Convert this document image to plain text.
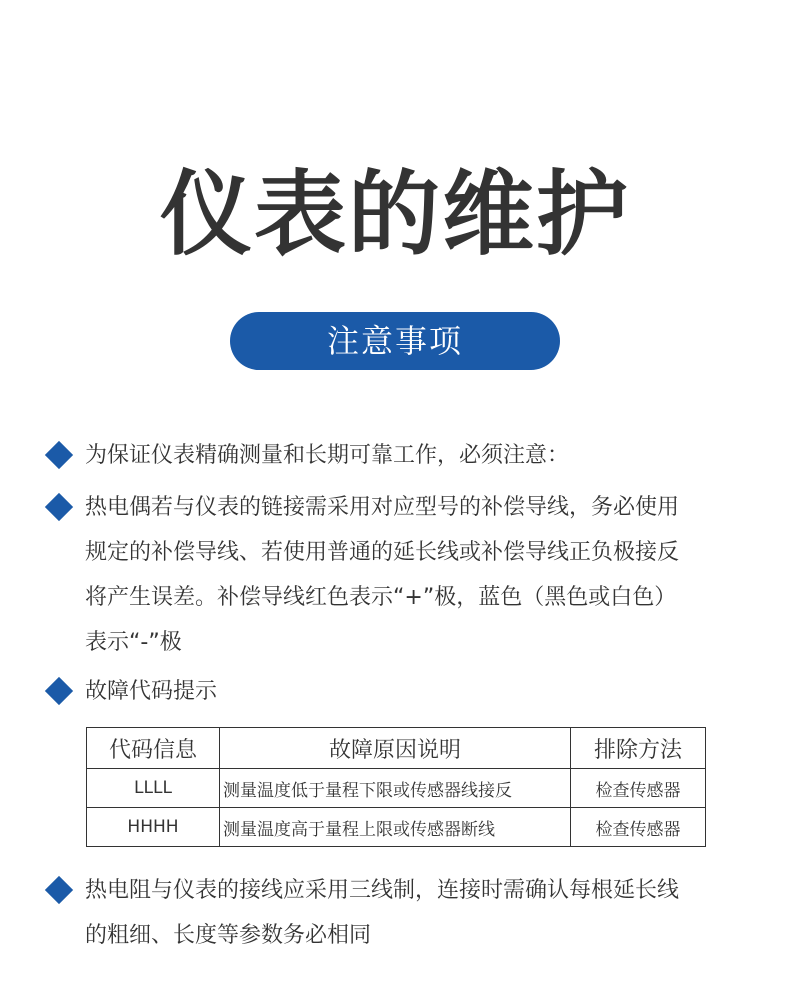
仪表的维护
注意事项
为保证仪表精确测量和长期可靠工作，必须注意：
热电偶若与仪表的链接需采用对应型号的补偿导线，务必使用
规定的补偿导线、若使用普通的延长线或补偿导线正负极接反
将产生误差。补偿导线红色表示“+”极，蓝色（黑色或白色）
表示“-”极
故障代码提示
代码信息	故障原因说明	排除方法
LLLL	测量温度低于量程下限或传感器线接反	检查传感器
HHHH	测量温度高于量程上限或传感器断线	检查传感器
热电阻与仪表的接线应采用三线制，连接时需确认每根延长线
的粗细、长度等参数务必相同
